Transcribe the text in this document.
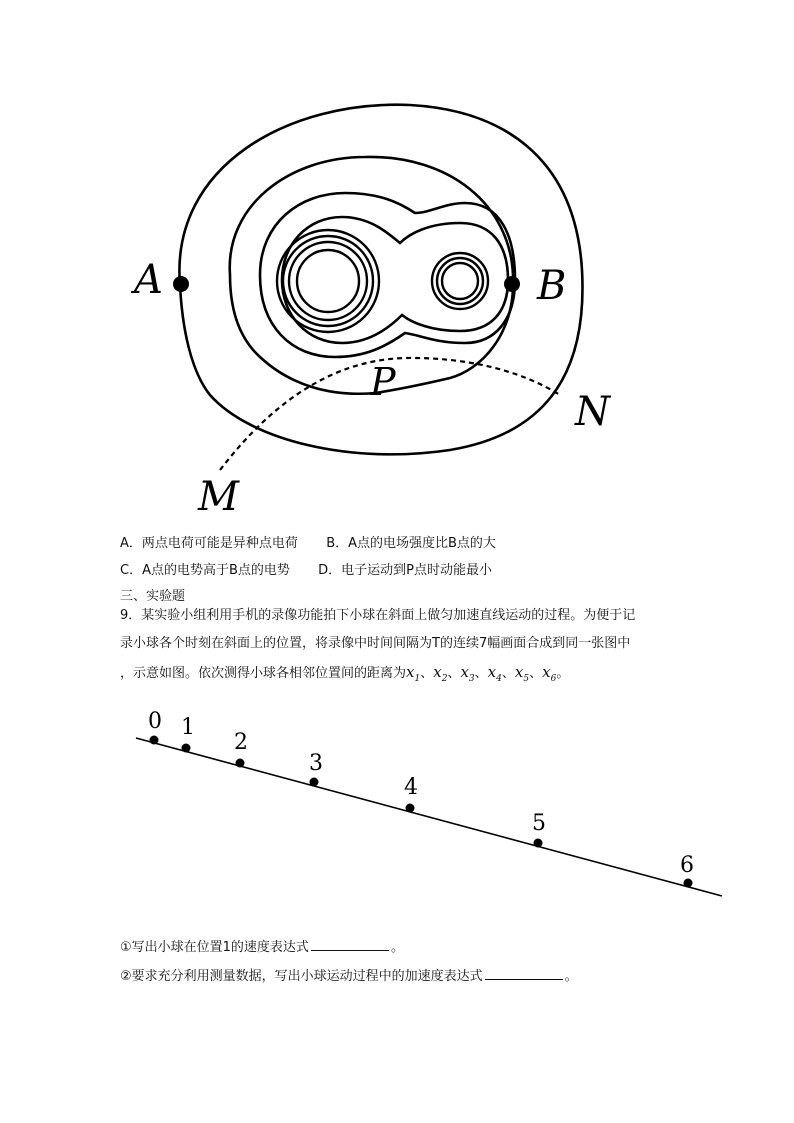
A	B
P
N
M
A．两点电荷可能是异种点电荷 B．A点的电场强度比B点的大
C．A点的电势高于B点的电势 D．电子运动到P点时动能最小
三、实验题
9．某实验小组利用手机的录像功能拍下小球在斜面上做匀加速直线运动的过程。为便于记
录小球各个时刻在斜面上的位置，将录像中时间间隔为T的连续7幅画面合成到同一张图中
，示意如图。依次测得小球各相邻位置间的距离为$x_1$、$x_2$、$x_3$、$x_4$、$x_5$、$x_6$。
0 1
2
3
4
5
6
①写出小球在位置1的速度表达式	。
②要求充分利用测量数据，写出小球运动过程中的加速度表达式	。
